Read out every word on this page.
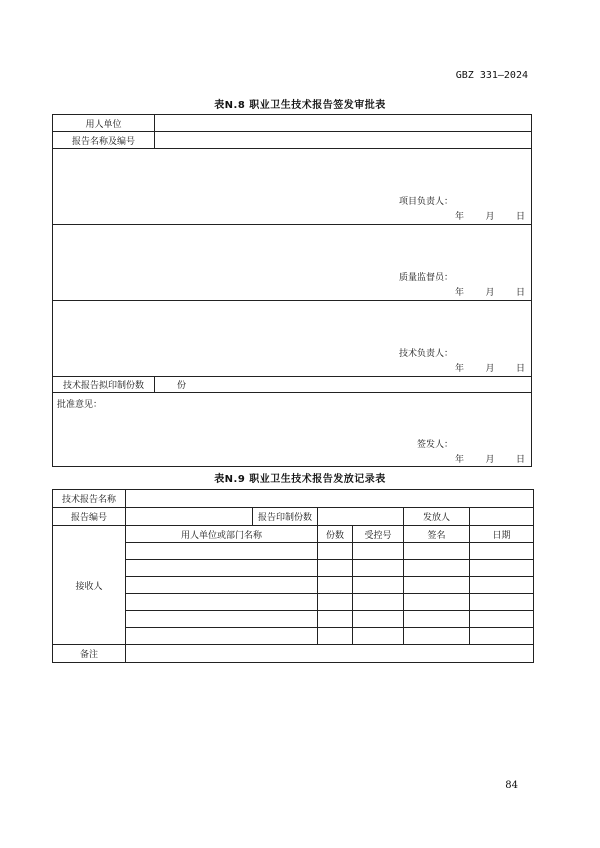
GBZ 331—2024
表N.8 职业卫生技术报告签发审批表
用人单位	
报告名称及编号	

项目负责人：
年 月 日	

质量监督员：
年 月 日	

技术负责人：
年 月 日	

技术报告拟印制份数	份

批准意见：
签发人：
年 月 日	
表N.9 职业卫生技术报告发放记录表
技术报告名称						
报告编号		报告印制份数			发放人	
接收人	用人单位或部门名称		份数	受控号	签名	日期

备注						
84
